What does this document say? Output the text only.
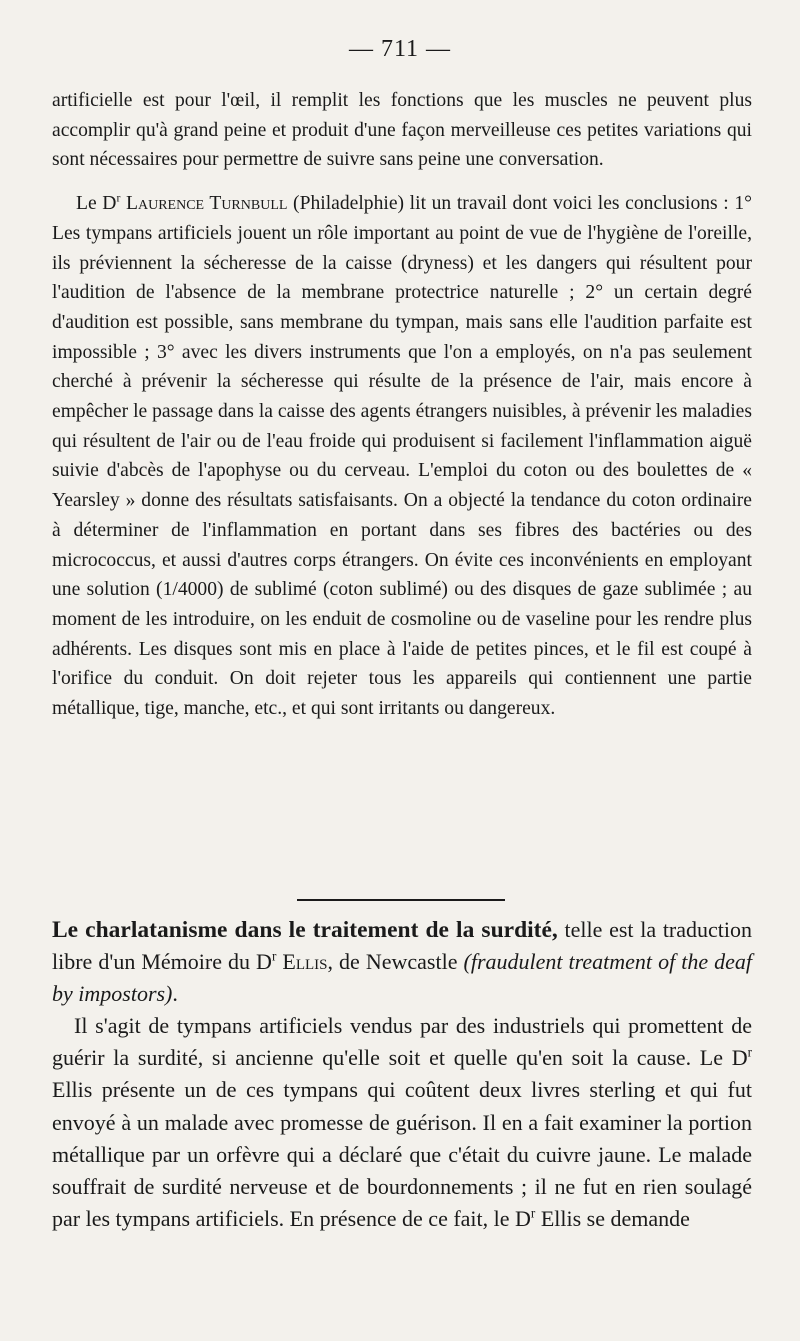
— 711 —

artificielle est pour l'œil, il remplit les fonctions que les muscles ne peuvent plus accomplir qu'à grand peine et produit d'une façon merveilleuse ces petites variations qui sont nécessaires pour permettre de suivre sans peine une conversation.

Le $D^r$ Laurence Turnbull (Philadelphie) lit un travail dont voici les conclusions : 1° Les tympans artificiels jouent un rôle important au point de vue de l'hygiène de l'oreille, ils préviennent la sécheresse de la caisse (dryness) et les dangers qui résultent pour l'audition de l'absence de la membrane protectrice naturelle ; 2° un certain degré d'audition est possible, sans membrane du tympan, mais sans elle l'audition parfaite est impossible ; 3° avec les divers instruments que l'on a employés, on n'a pas seulement cherché à prévenir la sécheresse qui résulte de la présence de l'air, mais encore à empêcher le passage dans la caisse des agents étrangers nuisibles, à prévenir les maladies qui résultent de l'air ou de l'eau froide qui produisent si facilement l'inflammation aiguë suivie d'abcès de l'apophyse ou du cerveau. L'emploi du coton ou des boulettes de « Yearsley » donne des résultats satisfaisants. On a objecté la tendance du coton ordinaire à déterminer de l'inflammation en portant dans ses fibres des bactéries ou des micrococcus, et aussi d'autres corps étrangers. On évite ces inconvénients en employant une solution (1/4000) de sublimé (coton sublimé) ou des disques de gaze sublimée ; au moment de les introduire, on les enduit de cosmoline ou de vaseline pour les rendre plus adhérents. Les disques sont mis en place à l'aide de petites pinces, et le fil est coupé à l'orifice du conduit. On doit rejeter tous les appareils qui contiennent une partie métallique, tige, manche, etc., et qui sont irritants ou dangereux.

Le charlatanisme dans le traitement de la surdité, telle est la traduction libre d'un Mémoire du $D^r$ Ellis, de Newcastle (fraudulent treatment of the deaf by impostors).

Il s'agit de tympans artificiels vendus par des industriels qui promettent de guérir la surdité, si ancienne qu'elle soit et quelle qu'en soit la cause. Le $D^r$ Ellis présente un de ces tympans qui coûtent deux livres sterling et qui fut envoyé à un malade avec promesse de guérison. Il en a fait examiner la portion métallique par un orfèvre qui a déclaré que c'était du cuivre jaune. Le malade souffrait de surdité nerveuse et de bourdonnements ; il ne fut en rien soulagé par les tympans artificiels. En présence de ce fait, le $D^r$ Ellis se demande
